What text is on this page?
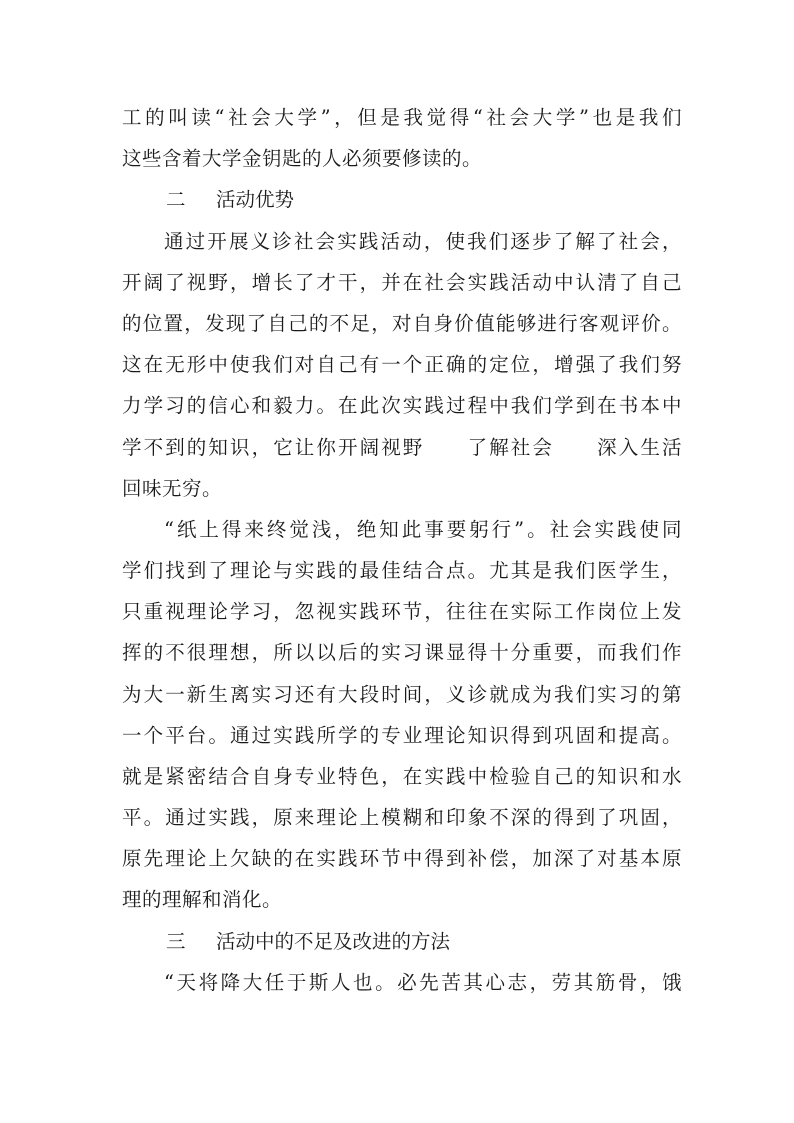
工的叫读“社会大学”，但是我觉得“社会大学”也是我们
这些含着大学金钥匙的人必须要修读的。
二 活动优势
通过开展义诊社会实践活动，使我们逐步了解了社会，
开阔了视野，增长了才干，并在社会实践活动中认清了自己
的位置，发现了自己的不足，对自身价值能够进行客观评价。
这在无形中使我们对自己有一个正确的定位，增强了我们努
力学习的信心和毅力。在此次实践过程中我们学到在书本中
学不到的知识，它让你开阔视野　　了解社会　　深入生活
回味无穷。
“纸上得来终觉浅，绝知此事要躬行”。社会实践使同
学们找到了理论与实践的最佳结合点。尤其是我们医学生，
只重视理论学习，忽视实践环节，往往在实际工作岗位上发
挥的不很理想，所以以后的实习课显得十分重要，而我们作
为大一新生离实习还有大段时间，义诊就成为我们实习的第
一个平台。通过实践所学的专业理论知识得到巩固和提高。
就是紧密结合自身专业特色，在实践中检验自己的知识和水
平。通过实践，原来理论上模糊和印象不深的得到了巩固，
原先理论上欠缺的在实践环节中得到补偿，加深了对基本原
理的理解和消化。
三 活动中的不足及改进的方法
“天将降大任于斯人也。必先苦其心志，劳其筋骨，饿
